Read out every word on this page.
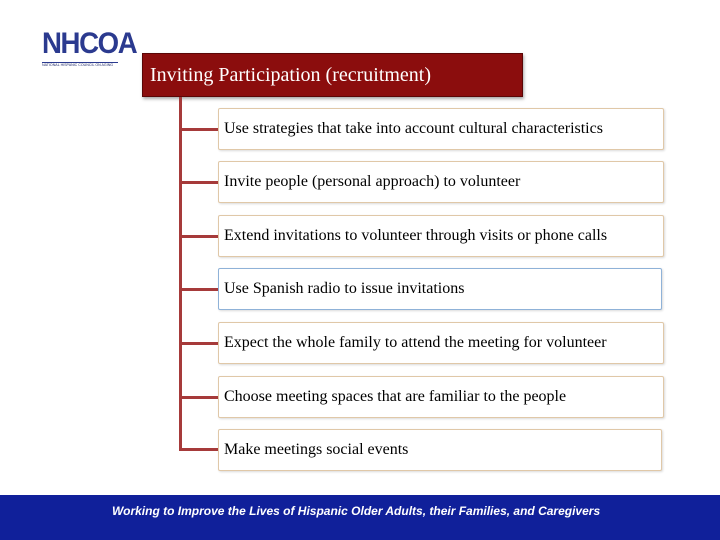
NHCOA
NATIONAL HISPANIC COUNCIL ON AGING Inviting Participation (recruitment)
Use strategies that take into account cultural characteristics
Invite people (personal approach) to volunteer
Extend invitations to volunteer through visits or phone calls
Use Spanish radio to issue invitations
Expect the whole family to attend the meeting for volunteer
Choose meeting spaces that are familiar to the people
Make meetings social events
Working to Improve the Lives of Hispanic Older Adults, their Families, and Caregivers
